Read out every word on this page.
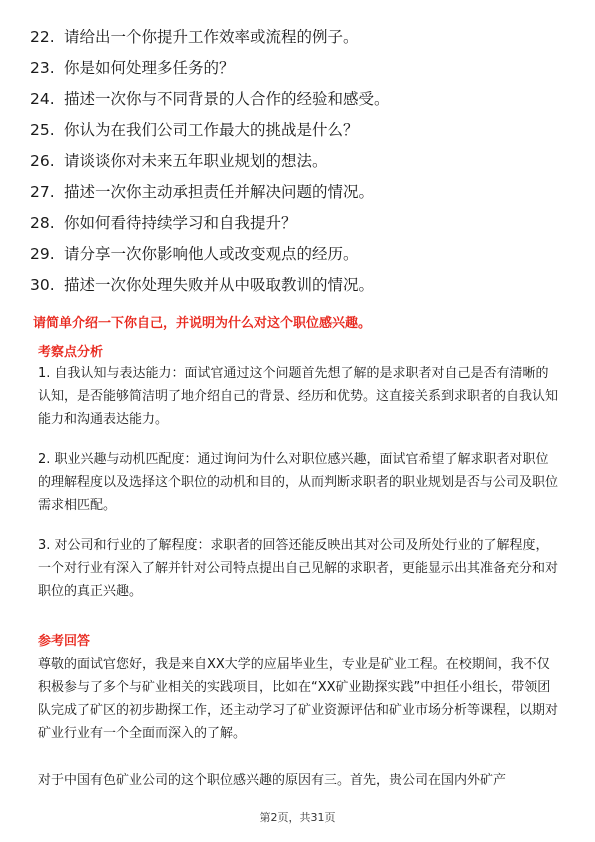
22. 请给出一个你提升工作效率或流程的例子。
23. 你是如何处理多任务的？
24. 描述一次你与不同背景的人合作的经验和感受。
25. 你认为在我们公司工作最大的挑战是什么？
26. 请谈谈你对未来五年职业规划的想法。
27. 描述一次你主动承担责任并解决问题的情况。
28. 你如何看待持续学习和自我提升？
29. 请分享一次你影响他人或改变观点的经历。
30. 描述一次你处理失败并从中吸取教训的情况。
请简单介绍一下你自己，并说明为什么对这个职位感兴趣。
考察点分析

1. 自我认知与表达能力：面试官通过这个问题首先想了解的是求职者对自己是否有清晰的认知，是否能够简洁明了地介绍自己的背景、经历和优势。这直接关系到求职者的自我认知能力和沟通表达能力。

2. 职业兴趣与动机匹配度：通过询问为什么对职位感兴趣，面试官希望了解求职者对职位的理解程度以及选择这个职位的动机和目的，从而判断求职者的职业规划是否与公司及职位需求相匹配。

3. 对公司和行业的了解程度：求职者的回答还能反映出其对公司及所处行业的了解程度，一个对行业有深入了解并针对公司特点提出自己见解的求职者，更能显示出其准备充分和对职位的真正兴趣。

参考回答

尊敬的面试官您好，我是来自XX大学的应届毕业生，专业是矿业工程。在校期间，我不仅积极参与了多个与矿业相关的实践项目，比如在“XX矿业勘探实践”中担任小组长，带领团队完成了矿区的初步勘探工作，还主动学习了矿业资源评估和矿业市场分析等课程，以期对矿业行业有一个全面而深入的了解。

对于中国有色矿业公司的这个职位感兴趣的原因有三。首先，贵公司在国内外矿产

第2页，共31页
